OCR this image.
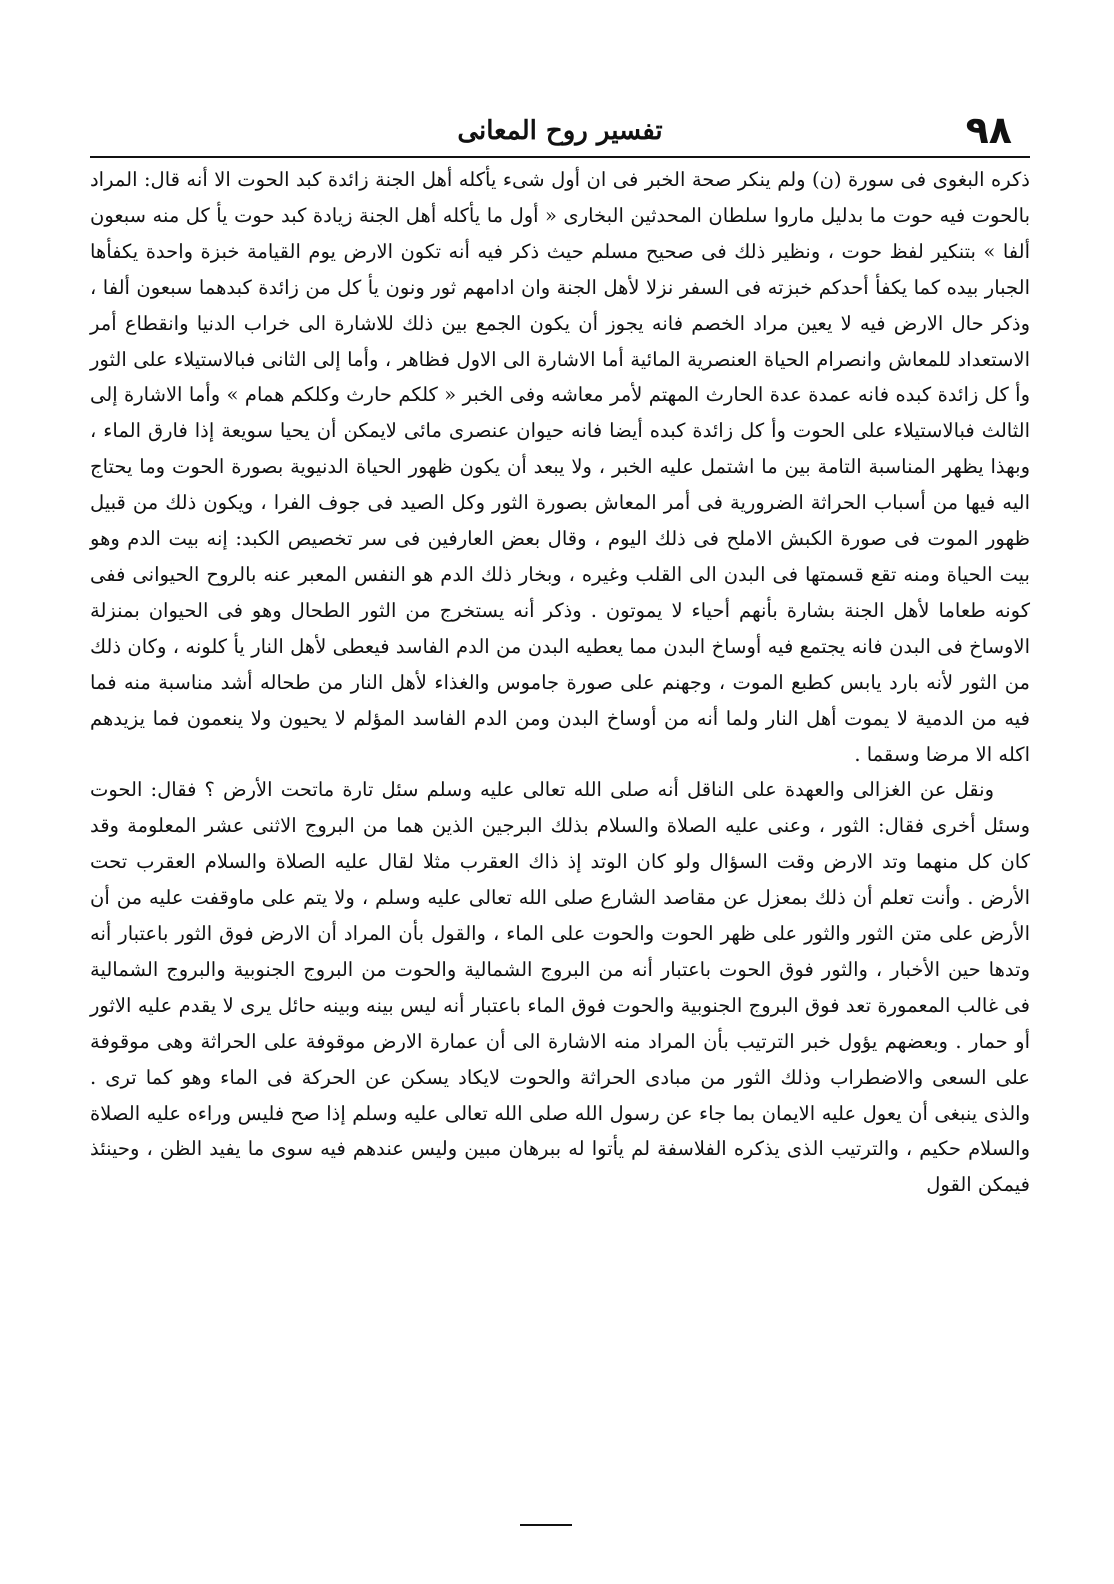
٩٨
تفسير روح المعانى

ذكره البغوى فى سورة (ن) ولم ينكر صحة الخبر فى ان أول شىء يأكله أهل الجنة زائدة كبد الحوت الا أنه قال: المراد بالحوت فيه حوت ما بدليل ماروا سلطان المحدثين البخارى « أول ما يأكله أهل الجنة زيادة كبد حوت يأ كل منه سبعون ألفا » بتنكير لفظ حوت ، ونظير ذلك فى صحيح مسلم حيث ذكر فيه أنه تكون الارض يوم القيامة خبزة واحدة يكفأها الجبار بيده كما يكفأ أحدكم خبزته فى السفر نزلا لأهل الجنة وان ادامهم ثور ونون يأ كل من زائدة كبدهما سبعون ألفا ، وذكر حال الارض فيه لا يعين مراد الخصم فانه يجوز أن يكون الجمع بين ذلك للاشارة الى خراب الدنيا وانقطاع أمر الاستعداد للمعاش وانصرام الحياة العنصرية المائية أما الاشارة الى الاول فظاهر ، وأما إلى الثانى فبالاستيلاء على الثور وأ كل زائدة كبده فانه عمدة عدة الحارث المهتم لأمر معاشه وفى الخبر « كلكم حارث وكلكم همام » وأما الاشارة إلى الثالث فبالاستيلاء على الحوت وأ كل زائدة كبده أيضا فانه حيوان عنصرى مائى لايمكن أن يحيا سويعة إذا فارق الماء ، وبهذا يظهر المناسبة التامة بين ما اشتمل عليه الخبر ، ولا يبعد أن يكون ظهور الحياة الدنيوية بصورة الحوت وما يحتاج اليه فيها من أسباب الحراثة الضرورية فى أمر المعاش بصورة الثور وكل الصيد فى جوف الفرا ، ويكون ذلك من قبيل ظهور الموت فى صورة الكبش الاملح فى ذلك اليوم ، وقال بعض العارفين فى سر تخصيص الكبد: إنه بيت الدم وهو بيت الحياة ومنه تقع قسمتها فى البدن الى القلب وغيره ، وبخار ذلك الدم هو النفس المعبر عنه بالروح الحيوانى ففى كونه طعاما لأهل الجنة بشارة بأنهم أحياء لا يموتون . وذكر أنه يستخرج من الثور الطحال وهو فى الحيوان بمنزلة الاوساخ فى البدن فانه يجتمع فيه أوساخ البدن مما يعطيه البدن من الدم الفاسد فيعطى لأهل النار يأ كلونه ، وكان ذلك من الثور لأنه بارد يابس كطبع الموت ، وجهنم على صورة جاموس والغذاء لأهل النار من طحاله أشد مناسبة منه فما فيه من الدمية لا يموت أهل النار ولما أنه من أوساخ البدن ومن الدم الفاسد المؤلم لا يحيون ولا ينعمون فما يزيدهم اكله الا مرضا وسقما .

ونقل عن الغزالى والعهدة على الناقل أنه صلى الله تعالى عليه وسلم سئل تارة ماتحت الأرض ؟ فقال: الحوت وسئل أخرى فقال: الثور ، وعنى عليه الصلاة والسلام بذلك البرجين الذين هما من البروج الاثنى عشر المعلومة وقد كان كل منهما وتد الارض وقت السؤال ولو كان الوتد إذ ذاك العقرب مثلا لقال عليه الصلاة والسلام العقرب تحت الأرض . وأنت تعلم أن ذلك بمعزل عن مقاصد الشارع صلى الله تعالى عليه وسلم ، ولا يتم على ماوقفت عليه من أن الأرض على متن الثور والثور على ظهر الحوت والحوت على الماء ، والقول بأن المراد أن الارض فوق الثور باعتبار أنه وتدها حين الأخبار ، والثور فوق الحوت باعتبار أنه من البروج الشمالية والحوت من البروج الجنوبية والبروج الشمالية فى غالب المعمورة تعد فوق البروج الجنوبية والحوت فوق الماء باعتبار أنه ليس بينه وبينه حائل يرى لا يقدم عليه الاثور أو حمار . وبعضهم يؤول خبر الترتيب بأن المراد منه الاشارة الى أن عمارة الارض موقوفة على الحراثة وهى موقوفة على السعى والاضطراب وذلك الثور من مبادى الحراثة والحوت لايكاد يسكن عن الحركة فى الماء وهو كما ترى . والذى ينبغى أن يعول عليه الايمان بما جاء عن رسول الله صلى الله تعالى عليه وسلم إذا صح فليس وراءه عليه الصلاة والسلام حكيم ، والترتيب الذى يذكره الفلاسفة لم يأتوا له ببرهان مبين وليس عندهم فيه سوى ما يفيد الظن ، وحينئذ فيمكن القول
